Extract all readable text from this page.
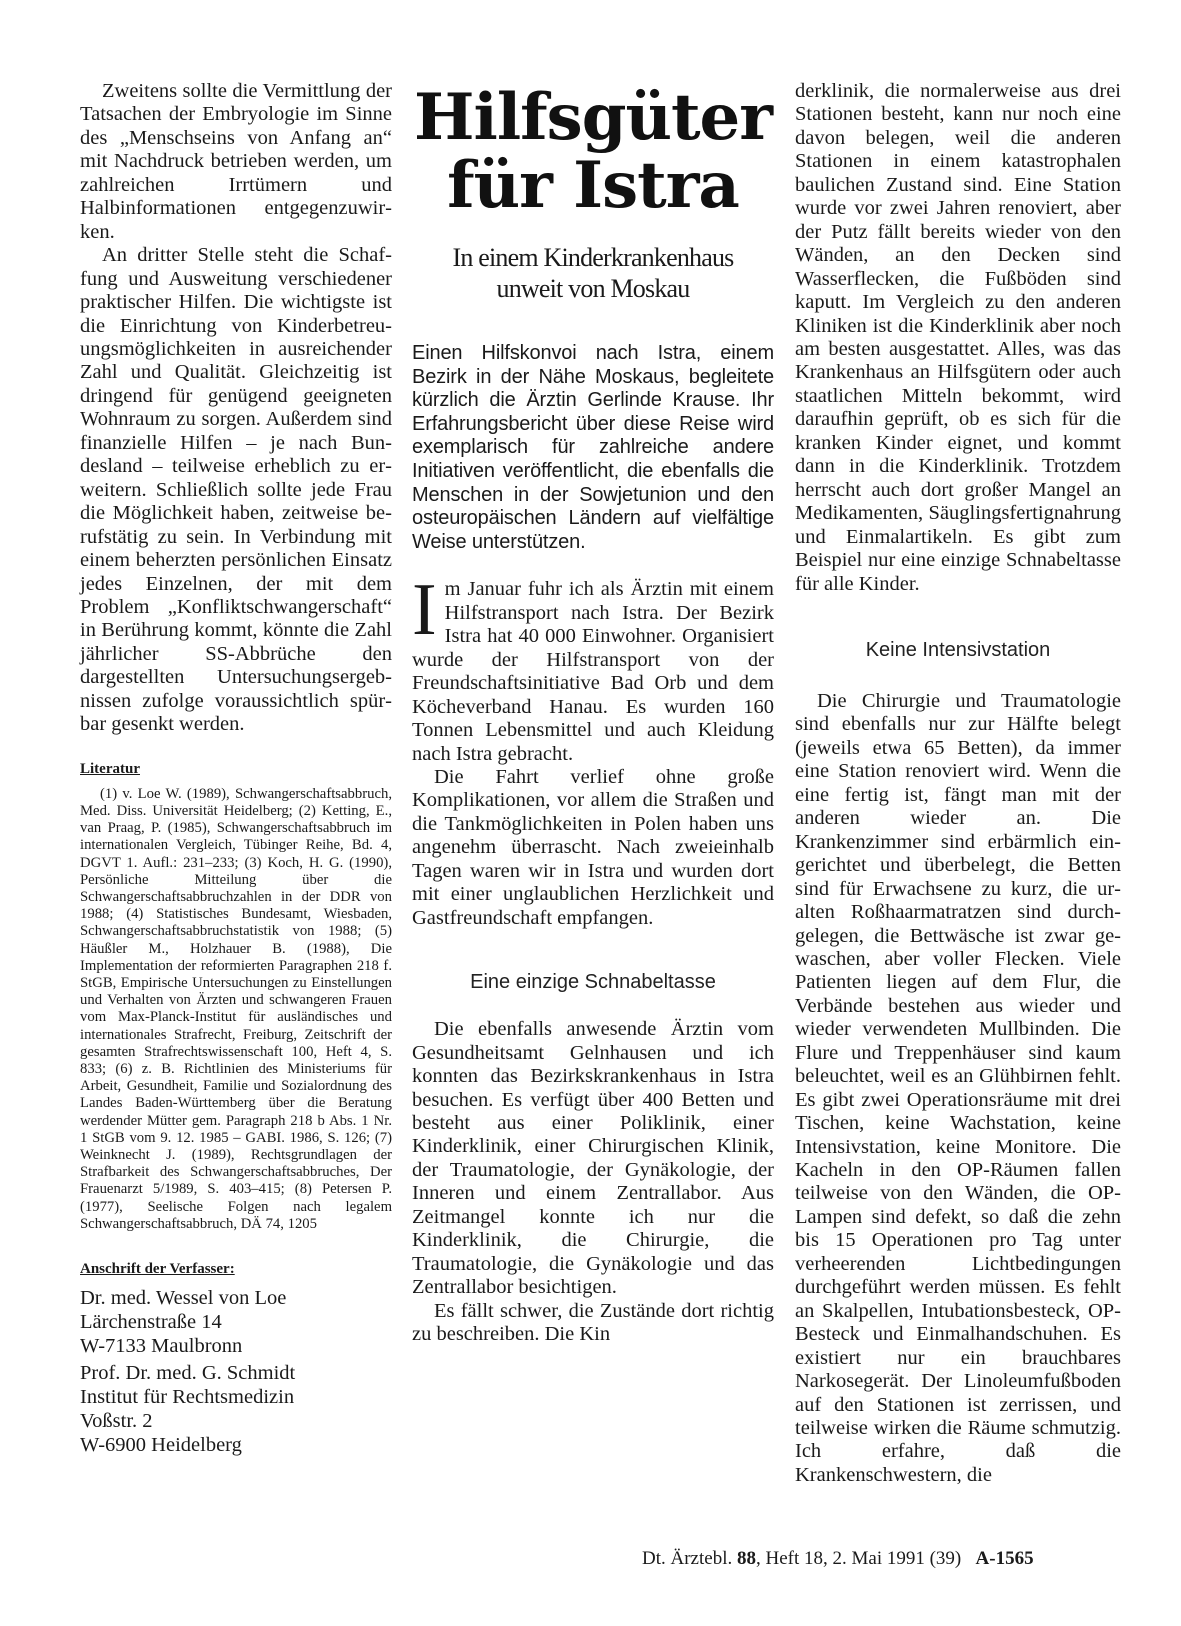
Zweitens sollte die Vermittlung der Tatsachen der Embryologie im Sinne des „Menschseins von Anfang an“ mit Nachdruck betrieben werden, um zahlreichen Irrtümern und Halbinformationen entgegenzuwirken.

An dritter Stelle steht die Schaffung und Ausweitung verschiedener praktischer Hilfen. Die wichtigste ist die Einrichtung von Kinderbetreuungsmöglichkeiten in ausreichender Zahl und Qualität. Gleichzeitig ist dringend für genügend geeigneten Wohnraum zu sorgen. Außerdem sind finanzielle Hilfen – je nach Bundesland – teilweise erheblich zu erweitern. Schließlich sollte jede Frau die Möglichkeit haben, zeitweise berufstätig zu sein. In Verbindung mit einem beherzten persönlichen Einsatz jedes Einzelnen, der mit dem Problem „Konfliktschwangerschaft“ in Berührung kommt, könnte die Zahl jährlicher SS-Abbrüche den dargestellten Untersuchungsergebnissen zufolge voraussichtlich spürbar gesenkt werden.

Literatur

(1) v. Loe W. (1989), Schwangerschaftsabbruch, Med. Diss. Universität Heidelberg; (2) Ketting, E., van Praag, P. (1985), Schwangerschaftsabbruch im internationalen Vergleich, Tübinger Reihe, Bd. 4, DGVT 1. Aufl.: 231–233; (3) Koch, H. G. (1990), Persönliche Mitteilung über die Schwangerschaftsabbruchzahlen in der DDR von 1988; (4) Statistisches Bundesamt, Wiesbaden, Schwangerschaftsabbruchstatistik von 1988; (5) Häußler M., Holzhauer B. (1988), Die Implementation der reformierten Paragraphen 218 f. StGB, Empirische Untersuchungen zu Einstellungen und Verhalten von Ärzten und schwangeren Frauen vom Max-Planck-Institut für ausländisches und internationales Strafrecht, Freiburg, Zeitschrift der gesamten Strafrechtswissenschaft 100, Heft 4, S. 833; (6) z. B. Richtlinien des Ministeriums für Arbeit, Gesundheit, Familie und Sozialordnung des Landes Baden-Württemberg über die Beratung werdender Mütter gem. Paragraph 218 b Abs. 1 Nr. 1 StGB vom 9. 12. 1985 – GABI. 1986, S. 126; (7) Weinknecht J. (1989), Rechtsgrundlagen der Strafbarkeit des Schwangerschaftsabbruches, Der Frauenarzt 5/1989, S. 403–415; (8) Petersen P. (1977), Seelische Folgen nach legalem Schwangerschaftsabbruch, DÄ 74, 1205

Anschrift der Verfasser:

Dr. med. Wessel von Loe

Lärchenstraße 14

W-7133 Maulbronn

Prof. Dr. med. G. Schmidt

Institut für Rechtsmedizin

Voßstr. 2

W-6900 Heidelberg

Hilfsgüter
für Istra
In einem Kinderkrankenhaus
unweit von Moskau

Einen Hilfskonvoi nach Istra, einem Bezirk in der Nähe Moskaus, begleitete kürzlich die Ärztin Gerlinde Krause. Ihr Erfahrungsbericht über diese Reise wird exemplarisch für zahlreiche andere Initiativen veröffentlicht, die ebenfalls die Menschen in der Sowjetunion und den osteuropäischen Ländern auf vielfältige Weise unterstützen.

I m Januar fuhr ich als Ärztin mit einem Hilfstransport nach Istra. Der Bezirk Istra hat 40 000 Einwohner. Organisiert wurde der Hilfstransport von der Freundschaftsinitiative Bad Orb und dem Köcheverband Hanau. Es wurden 160 Tonnen Lebensmittel und auch Kleidung nach Istra gebracht.

Die Fahrt verlief ohne große Komplikationen, vor allem die Straßen und die Tankmöglichkeiten in Polen haben uns angenehm überrascht. Nach zweieinhalb Tagen waren wir in Istra und wurden dort mit einer unglaublichen Herzlichkeit und Gastfreundschaft empfangen.

Eine einzige Schnabeltasse

Die ebenfalls anwesende Ärztin vom Gesundheitsamt Gelnhausen und ich konnten das Bezirkskrankenhaus in Istra besuchen. Es verfügt über 400 Betten und besteht aus einer Poliklinik, einer Kinderklinik, einer Chirurgischen Klinik, der Traumatologie, der Gynäkologie, der Inneren und einem Zentrallabor. Aus Zeitmangel konnte ich nur die Kinderklinik, die Chirurgie, die Traumatologie, die Gynäkologie und das Zentrallabor besichtigen.

Es fällt schwer, die Zustände dort richtig zu beschreiben. Die Kin

derklinik, die normalerweise aus drei Stationen besteht, kann nur noch eine davon belegen, weil die anderen Stationen in einem katastrophalen baulichen Zustand sind. Eine Station wurde vor zwei Jahren renoviert, aber der Putz fällt bereits wieder von den Wänden, an den Decken sind Wasserflecken, die Fußböden sind kaputt. Im Vergleich zu den anderen Kliniken ist die Kinderklinik aber noch am besten ausgestattet. Alles, was das Krankenhaus an Hilfsgütern oder auch staatlichen Mitteln bekommt, wird daraufhin geprüft, ob es sich für die kranken Kinder eignet, und kommt dann in die Kinderklinik. Trotzdem herrscht auch dort großer Mangel an Medikamenten, Säuglingsfertignahrung und Einmalartikeln. Es gibt zum Beispiel nur eine einzige Schnabeltasse für alle Kinder.

Keine Intensivstation

Die Chirurgie und Traumatologie sind ebenfalls nur zur Hälfte belegt (jeweils etwa 65 Betten), da immer eine Station renoviert wird. Wenn die eine fertig ist, fängt man mit der anderen wieder an. Die Krankenzimmer sind erbärmlich eingerichtet und überbelegt, die Betten sind für Erwachsene zu kurz, die uralten Roßhaarmatratzen sind durchgelegen, die Bettwäsche ist zwar gewaschen, aber voller Flecken. Viele Patienten liegen auf dem Flur, die Verbände bestehen aus wieder und wieder verwendeten Mullbinden. Die Flure und Treppenhäuser sind kaum beleuchtet, weil es an Glühbirnen fehlt. Es gibt zwei Operationsräume mit drei Tischen, keine Wachstation, keine Intensivstation, keine Monitore. Die Kacheln in den OP-Räumen fallen teilweise von den Wänden, die OP-Lampen sind defekt, so daß die zehn bis 15 Operationen pro Tag unter verheerenden Lichtbedingungen durchgeführt werden müssen. Es fehlt an Skalpellen, Intubationsbesteck, OP-Besteck und Einmalhandschuhen. Es existiert nur ein brauchbares Narkosegerät. Der Linoleumfußboden auf den Stationen ist zerrissen, und teilweise wirken die Räume schmutzig. Ich erfahre, daß die Krankenschwestern, die

Dt. Ärztebl. 88, Heft 18, 2. Mai 1991 (39) A-1565
